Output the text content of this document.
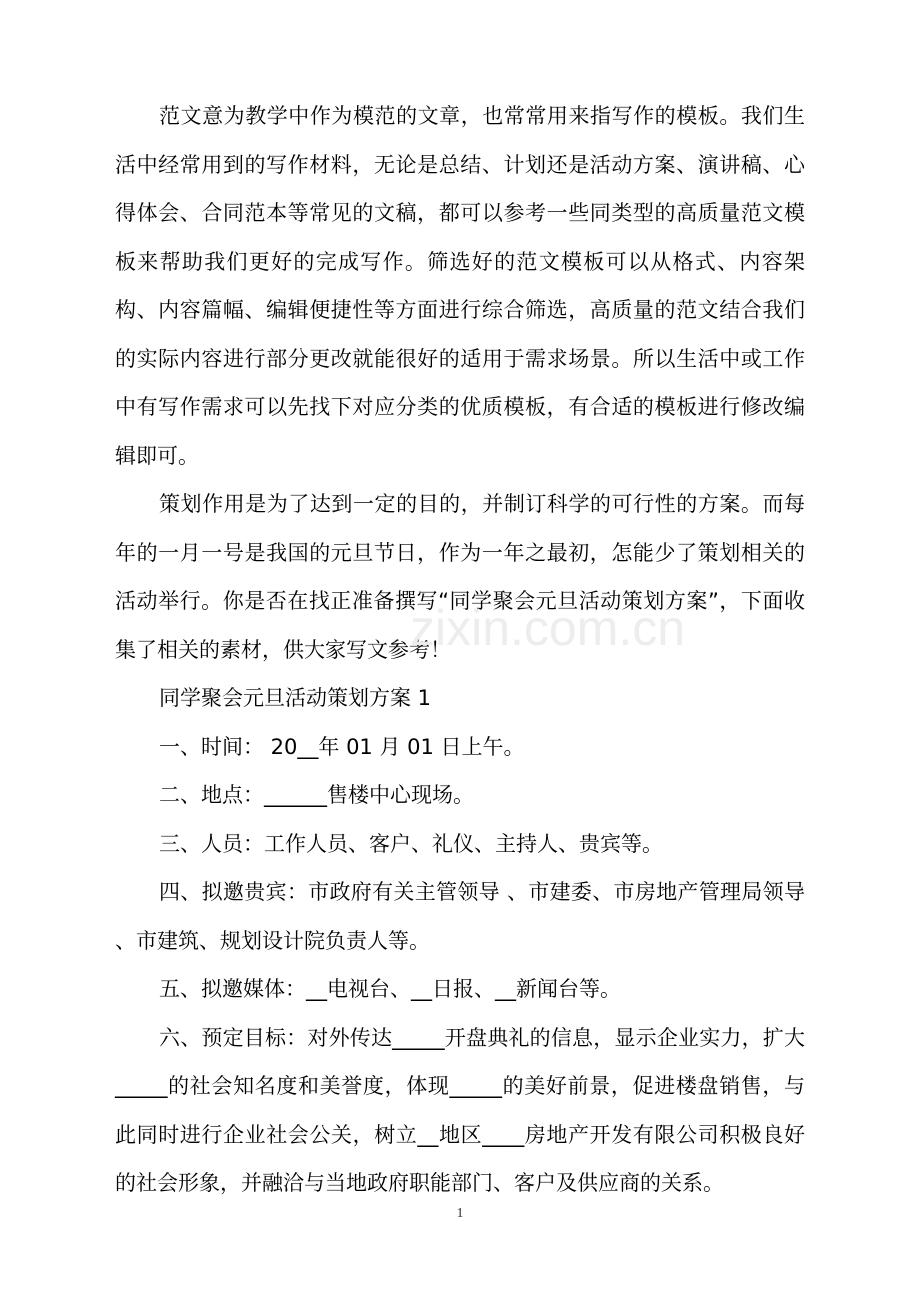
范文意为教学中作为模范的文章，也常常用来指写作的模板。我们生活中经常用到的写作材料，无论是总结、计划还是活动方案、演讲稿、心得体会、合同范本等常见的文稿，都可以参考一些同类型的高质量范文模板来帮助我们更好的完成写作。筛选好的范文模板可以从格式、内容架构、内容篇幅、编辑便捷性等方面进行综合筛选，高质量的范文结合我们的实际内容进行部分更改就能很好的适用于需求场景。所以生活中或工作中有写作需求可以先找下对应分类的优质模板，有合适的模板进行修改编辑即可。

策划作用是为了达到一定的目的，并制订科学的可行性的方案。而每年的一月一号是我国的元旦节日，作为一年之最初，怎能少了策划相关的活动举行。你是否在找正准备撰写“同学聚会元旦活动策划方案”，下面收集了相关的素材，供大家写文参考！

同学聚会元旦活动策划方案 1

一、时间： 20__年 01 月 01 日上午。

二、地点：______售楼中心现场。

三、人员：工作人员、客户、礼仪、主持人、贵宾等。

四、拟邀贵宾：市政府有关主管领导 、市建委、市房地产管理局领导 、市建筑、规划设计院负责人等。

五、拟邀媒体：__电视台、__日报、__新闻台等。

六、预定目标：对外传达_____开盘典礼的信息，显示企业实力，扩大_____的社会知名度和美誉度，体现_____的美好前景，促进楼盘销售，与此同时进行企业社会公关，树立__地区____房地产开发有限公司积极良好的社会形象，并融洽与当地政府职能部门、客户及供应商的关系。

zixin.com.cn
1
